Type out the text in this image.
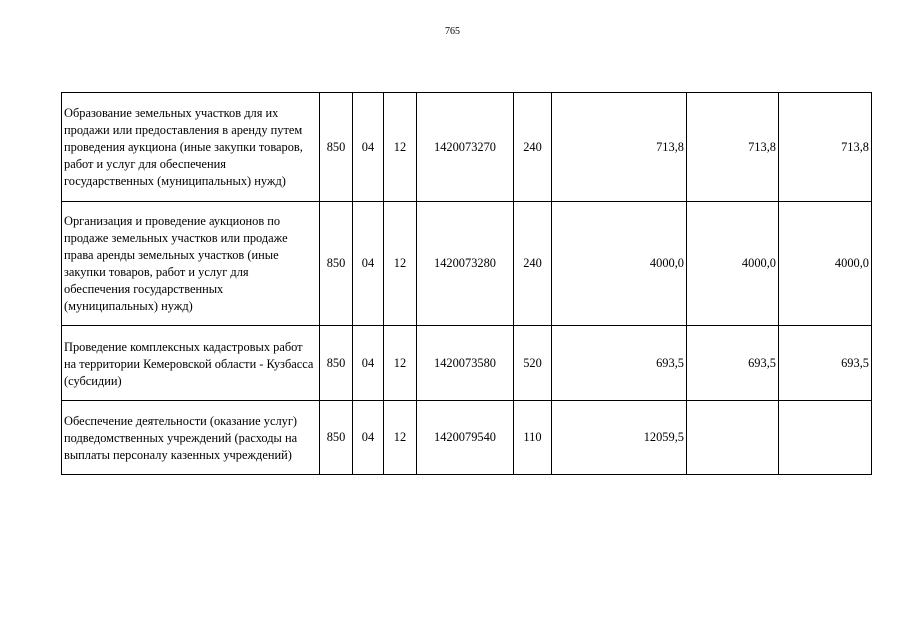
765
Образование земельных участков для их продажи или предоставления в аренду путем проведения аукциона (иные закупки товаров, работ и услуг для обеспечения государственных (муниципальных) нужд)	850	04	12	1420073270	240	713,8	713,8	713,8
Организация и проведение аукционов по продаже земельных участков или продаже права аренды земельных участков (иные закупки товаров, работ и услуг для обеспечения государственных (муниципальных) нужд)	850	04	12	1420073280	240	4000,0	4000,0	4000,0
Проведение комплексных кадастровых работ на территории Кемеровской области - Кузбасса (субсидии)	850	04	12	1420073580	520	693,5	693,5	693,5
Обеспечение деятельности (оказание услуг) подведомственных учреждений (расходы на выплаты персоналу казенных учреждений)	850	04	12	1420079540	110	12059,5		
